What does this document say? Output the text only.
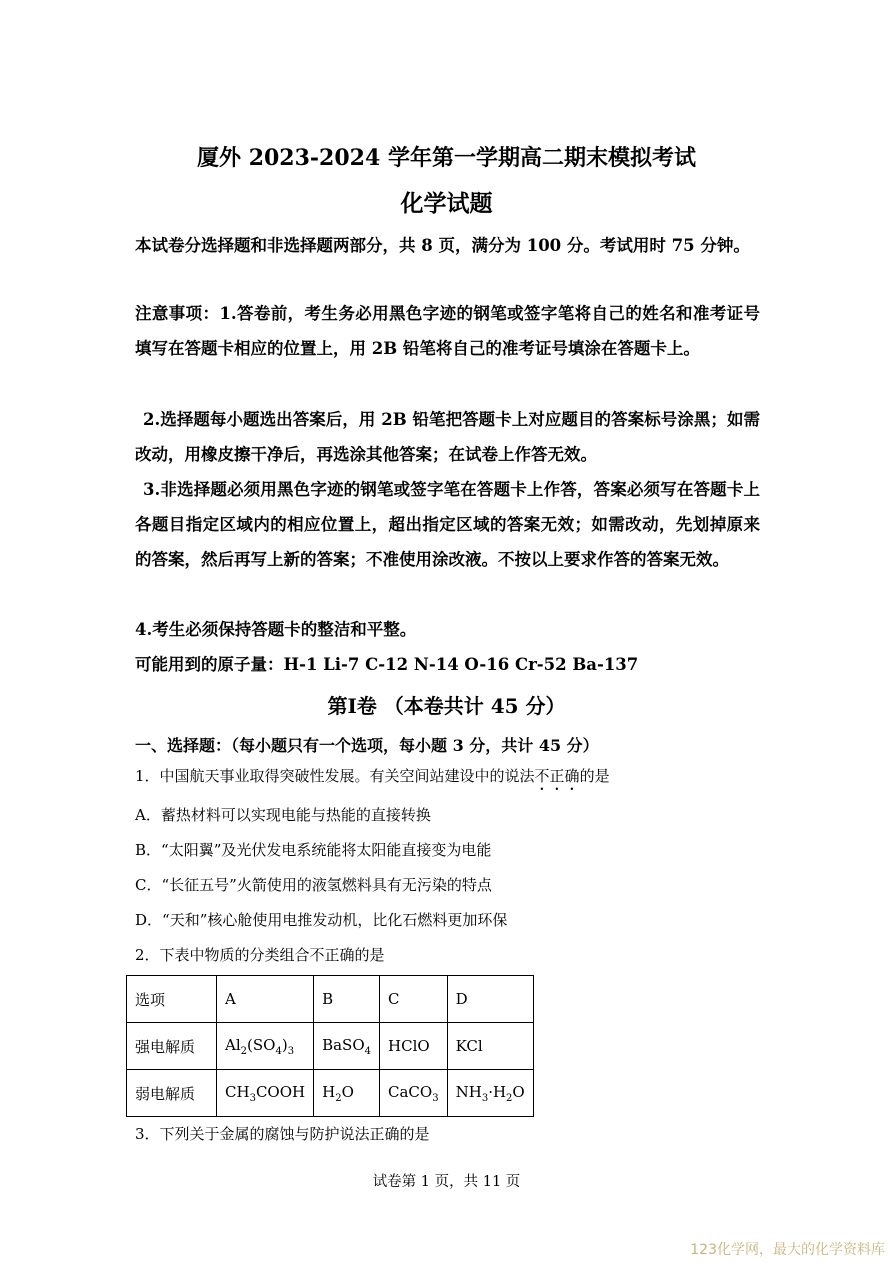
厦外 2023-2024 学年第一学期高二期末模拟考试
化学试题
本试卷分选择题和非选择题两部分，共 8 页，满分为 100 分。考试用时 75 分钟。
注意事项：1.答卷前，考生务必用黑色字迹的钢笔或签字笔将自己的姓名和准考证号填写在答题卡相应的位置上，用 2B 铅笔将自己的准考证号填涂在答题卡上。
2.选择题每小题选出答案后，用 2B 铅笔把答题卡上对应题目的答案标号涂黑；如需改动，用橡皮擦干净后，再选涂其他答案；在试卷上作答无效。
3.非选择题必须用黑色字迹的钢笔或签字笔在答题卡上作答，答案必须写在答题卡上各题目指定区域内的相应位置上，超出指定区域的答案无效；如需改动，先划掉原来的答案，然后再写上新的答案；不准使用涂改液。不按以上要求作答的答案无效。
4.考生必须保持答题卡的整洁和平整。
可能用到的原子量：H-1 Li-7 C-12 N-14 O-16 Cr-52 Ba-137
第I卷 （本卷共计 45 分）
一、选择题：（每小题只有一个选项，每小题 3 分，共计 45 分）
1．中国航天事业取得突破性发展。有关空间站建设中的说法不正确的是
A．蓄热材料可以实现电能与热能的直接转换
B．“太阳翼”及光伏发电系统能将太阳能直接变为电能
C．“长征五号”火箭使用的液氢燃料具有无污染的特点
D．“天和”核心舱使用电推发动机，比化石燃料更加环保
2．下表中物质的分类组合不正确的是
选项	A	B	C	D
强电解质	$Al_2(SO_4)_3$	BaSO$_4$	HClO	KCl
弱电解质	$CH_3COOH$	$H_2O$	CaCO$_3$	$NH_3\cdot H_2O$
3．下列关于金属的腐蚀与防护说法正确的是
试卷第 1 页，共 11 页
123化学网，最大的化学资料库
